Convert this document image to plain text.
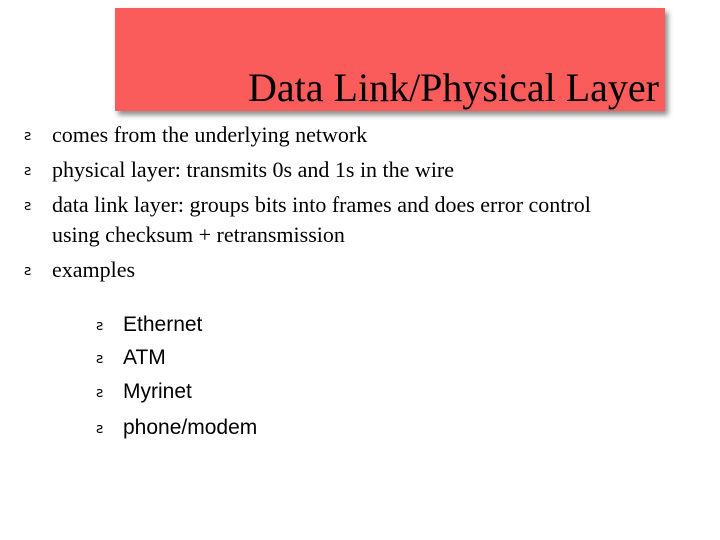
Data Link/Physical Layer
ꙅ comes from the underlying network
ꙅ physical layer: transmits 0s and 1s in the wire
ꙅ data link layer: groups bits into frames and does error control
using checksum + retransmission
ꙅ examples
ꙅ Ethernet
ꙅ ATM
ꙅ Myrinet
ꙅ phone/modem
